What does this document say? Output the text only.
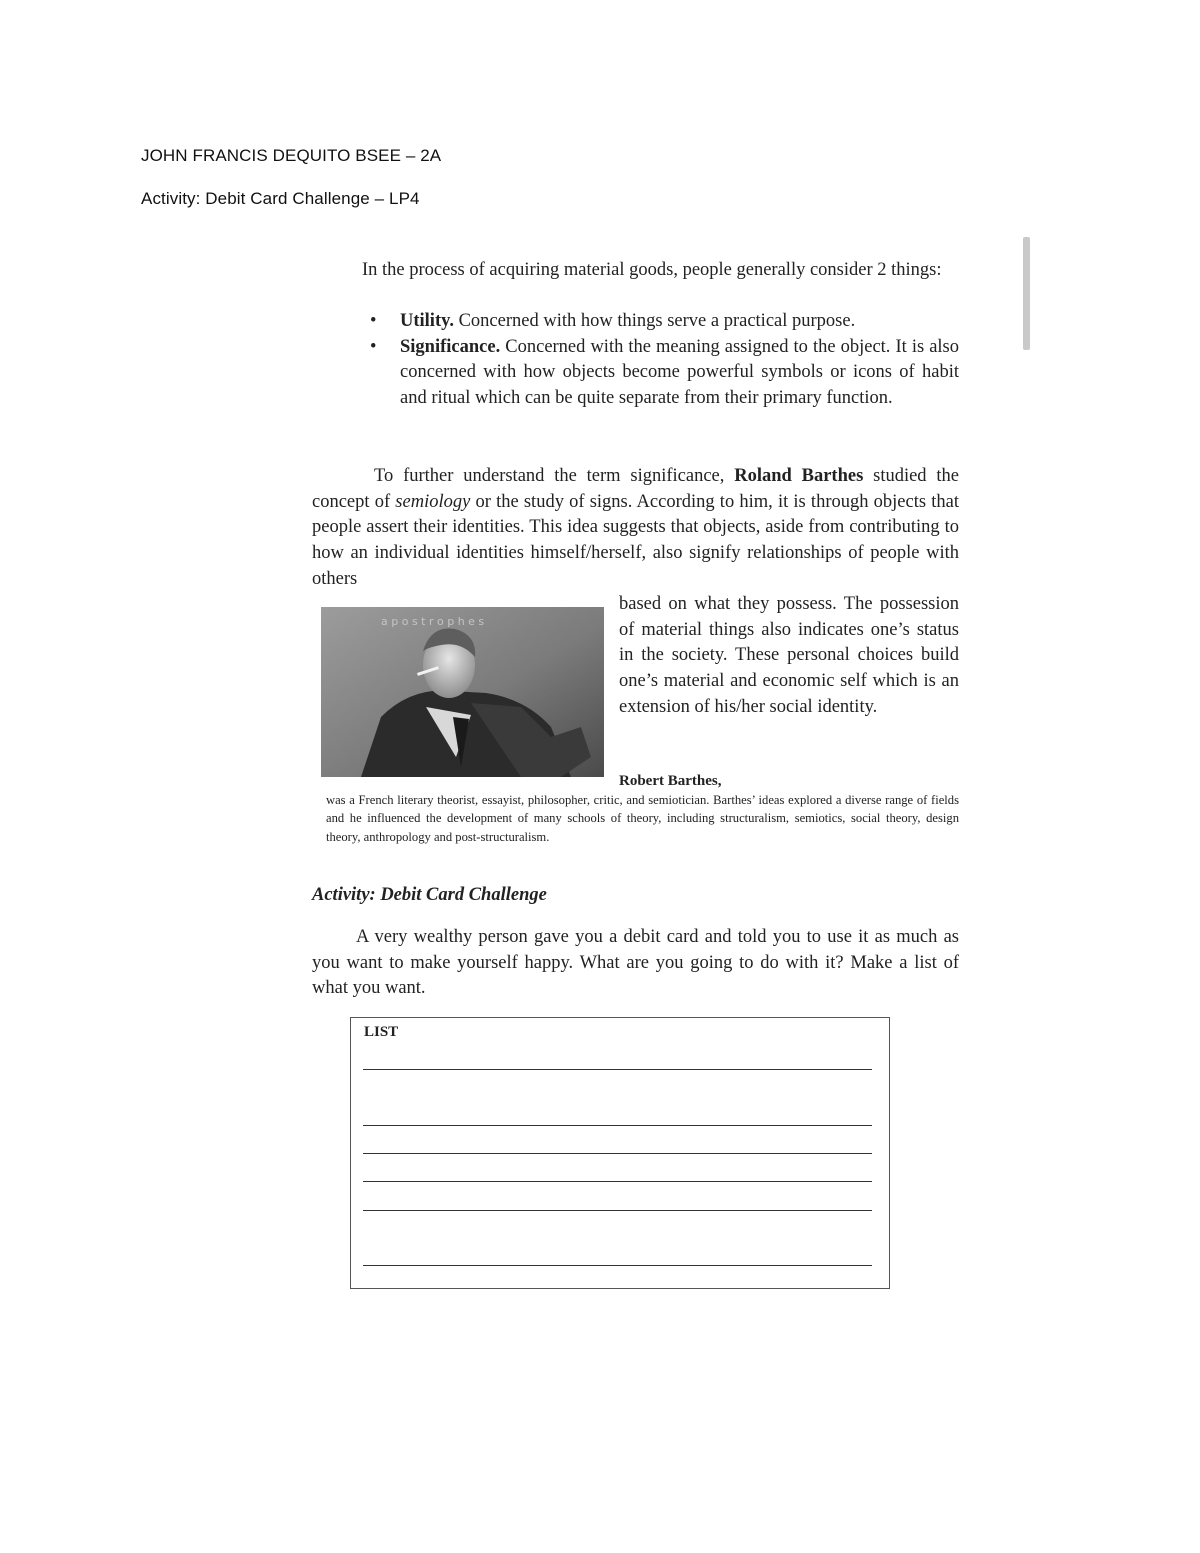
JOHN FRANCIS DEQUITO BSEE – 2A
Activity: Debit Card Challenge – LP4

In the process of acquiring material goods, people generally consider 2 things:

• Utility. Concerned with how things serve a practical purpose.
• Significance. Concerned with the meaning assigned to the object. It is also concerned with how objects become powerful symbols or icons of habit and ritual which can be quite separate from their primary function.

To further understand the term significance, Roland Barthes studied the concept of semiology or the study of signs. According to him, it is through objects that people assert their identities. This idea suggests that objects, aside from contributing to how an individual identities himself/herself, also signify relationships of people with others

a p o s t r o p h e s

based on what they possess. The possession of material things also indicates one’s status in the society. These personal choices build one’s material and economic self which is an extension of his/her social identity.

Robert Barthes,
was a French literary theorist, essayist, philosopher, critic, and semiotician. Barthes’ ideas explored a diverse range of fields and he influenced the development of many schools of theory, including structuralism, semiotics, social theory, design theory, anthropology and post-structuralism.

Activity: Debit Card Challenge

A very wealthy person gave you a debit card and told you to use it as much as you want to make yourself happy. What are you going to do with it? Make a list of what you want.

LIST
